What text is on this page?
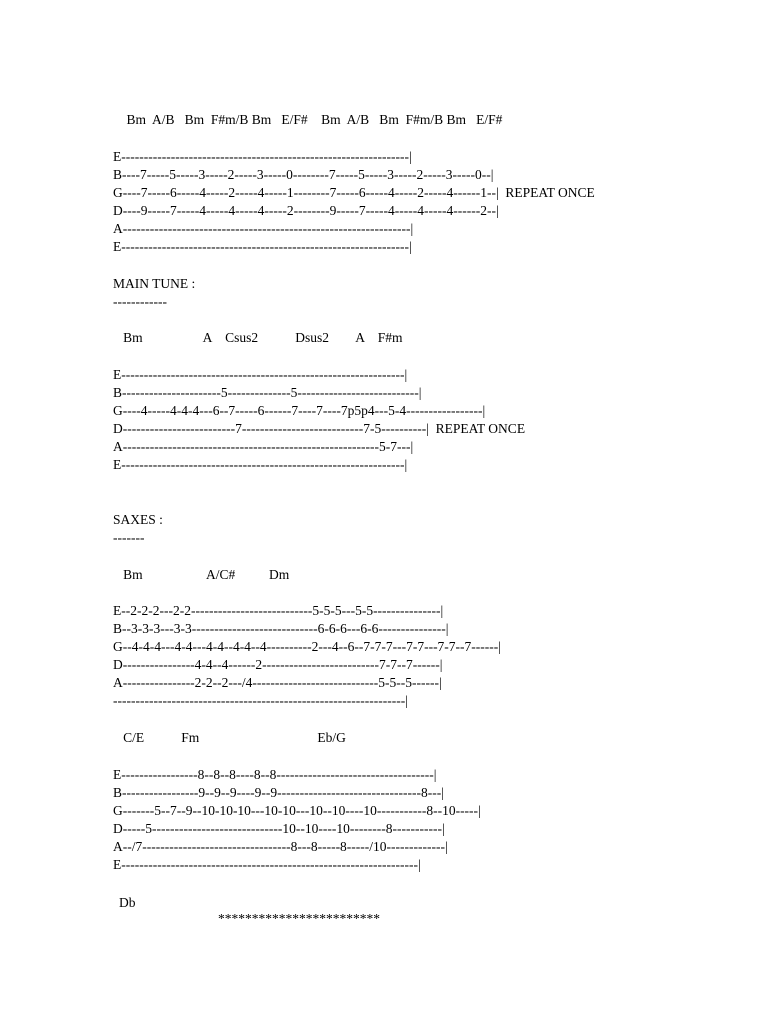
Bm  A/B   Bm  F#m/B Bm   E/F#    Bm  A/B   Bm  F#m/B Bm   E/F#
E----------------------------------------------------------------|
B----7-----5-----3-----2-----3-----0--------7-----5-----3-----2-----3-----0--|
G----7-----6-----4-----2-----4-----1--------7-----6-----4-----2-----4------1--|  REPEAT ONCE
D----9-----7-----4-----4-----4-----2--------9-----7-----4-----4-----4------2--|
A----------------------------------------------------------------|
E----------------------------------------------------------------|
MAIN TUNE :
------------
Bm                  A    Csus2           Dsus2        A    F#m
E---------------------------------------------------------------|
B----------------------5--------------5---------------------------|
G----4-----4-4-4---6--7-----6------7----7----7p5p4---5-4-----------------|
D-------------------------7---------------------------7-5----------|  REPEAT ONCE
A---------------------------------------------------------5-7---|
E---------------------------------------------------------------|
SAXES :
-------
Bm                   A/C#          Dm
E--2-2-2---2-2---------------------------5-5-5---5-5---------------|
B--3-3-3---3-3----------------------------6-6-6---6-6---------------|
G--4-4-4---4-4---4-4--4-4--4----------2---4--6--7-7-7---7-7---7-7--7------|
D----------------4-4--4------2--------------------------7-7--7------|
A----------------2-2--2---/4----------------------------5-5--5------|
-----------------------------------------------------------------|
C/E           Fm                                   Eb/G
E-----------------8--8--8----8--8-----------------------------------|
B-----------------9--9--9----9--9--------------------------------8---|
G-------5--7--9--10-10-10---10-10---10--10----10-----------8--10-----|
D-----5-----------------------------10--10----10--------8-----------|
A--/7---------------------------------8---8-----8-----/10-------------|
E------------------------------------------------------------------|
Db
************************
